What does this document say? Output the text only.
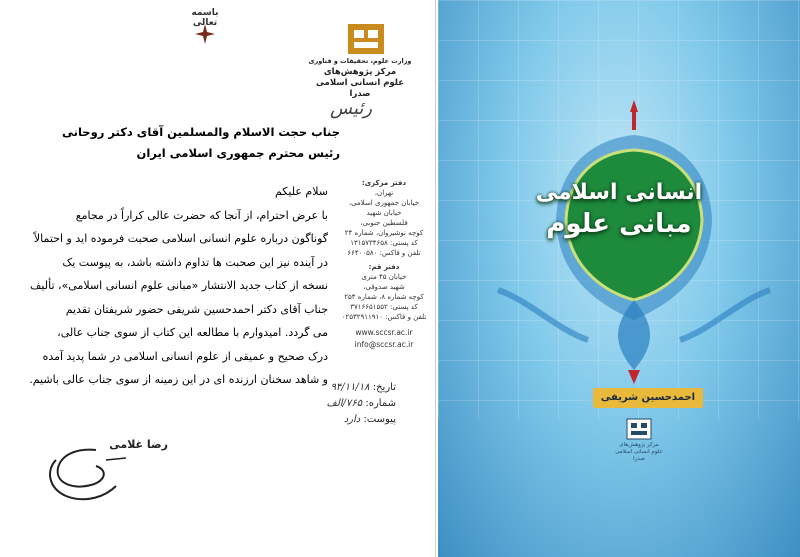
باسمه تعالی
وزارت علوم، تحقیقات و فناوری
مرکز پژوهش‌های
علوم انسانی اسلامی
صدرا
رئیس
جناب حجت الاسلام والمسلمین آقای دکتر روحانی
رئیس محترم جمهوری اسلامی ایران

سلام علیکم

با عرض احترام، از آنجا که حضرت عالی کراراً در مجامع

گوناگون درباره علوم انسانی اسلامی صحبت فرموده اید و احتمالاً

در آینده نیز این صحبت ها تداوم داشته باشد، به پیوست یک

نسخه از کتاب جدید الانتشار «مبانی علوم انسانی اسلامی»، تألیف

جناب آقای دکتر احمدحسین شریفی حضور شریفتان تقدیم

می گردد. امیدوارم با مطالعه این کتاب از سوی جناب عالی،

درک صحیح و عمیقی از علوم انسانی اسلامی در شما پدید آمده

و شاهد سخنان ارزنده ای در این زمینه از سوی جناب عالی باشیم.

دفتر مرکزی:
تهران،
خیابان جمهوری اسلامی،
خیابان شهید
فلسطین جنوبی،
کوچه نوشیروان، شماره ۲۴
کد پستی: ۱۳۱۵۷۳۴۶۵۸
تلفن و فاکس: ۶۶۴۰۰۵۸۰
دفتر قم:
خیابان ۴۵ متری
شهید صدوقی،
کوچه شماره ۸، شماره ۲۵۴
کد پستی: ۳۷۱۶۶۵۱۵۵۲
تلفن و فاکس: ۰۲۵۳۲۹۱۱۹۱۰
www.sccsr.ac.ir
info@sccsr.ac.ir
تاریخ: ۹۴/۱۱/۱۸
شماره: ۷۶۵/الف
پیوست: دارد
رضا غلامی
انسانی اسلامی
مبانی علوم
احمدحسین شریفی
مرکز پژوهش‌های
علوم انسانی اسلامی
صدرا
